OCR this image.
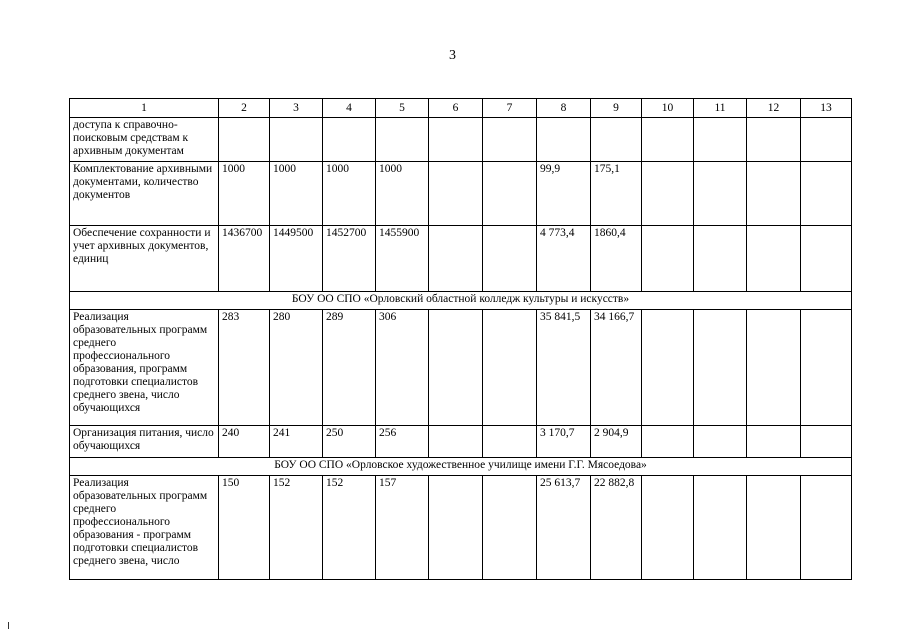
3
1	2	3	4	5	6	7	8	9	10	11	12	13
доступа к справочно-поисковым средствам к архивным документам												
Комплектование архивными документами, количество документов	1000	1000	1000	1000			99,9	175,1				
Обеспечение сохранности и учет архивных документов, единиц	1436700	1449500	1452700	1455900			4 773,4	1860,4				
БОУ ОО СПО «Орловский областной колледж культуры и искусств»												
Реализация образовательных программ среднего профессионального образования, программ подготовки специалистов среднего звена, число обучающихся	283	280	289	306			35 841,5	34 166,7				
Организация питания, число обучающихся	240	241	250	256			3 170,7	2 904,9				
БОУ ОО СПО «Орловское художественное училище имени Г.Г. Мясоедова»												
Реализация образовательных программ среднего профессионального образования - программ подготовки специалистов среднего звена, число	150	152	152	157			25 613,7	22 882,8				
